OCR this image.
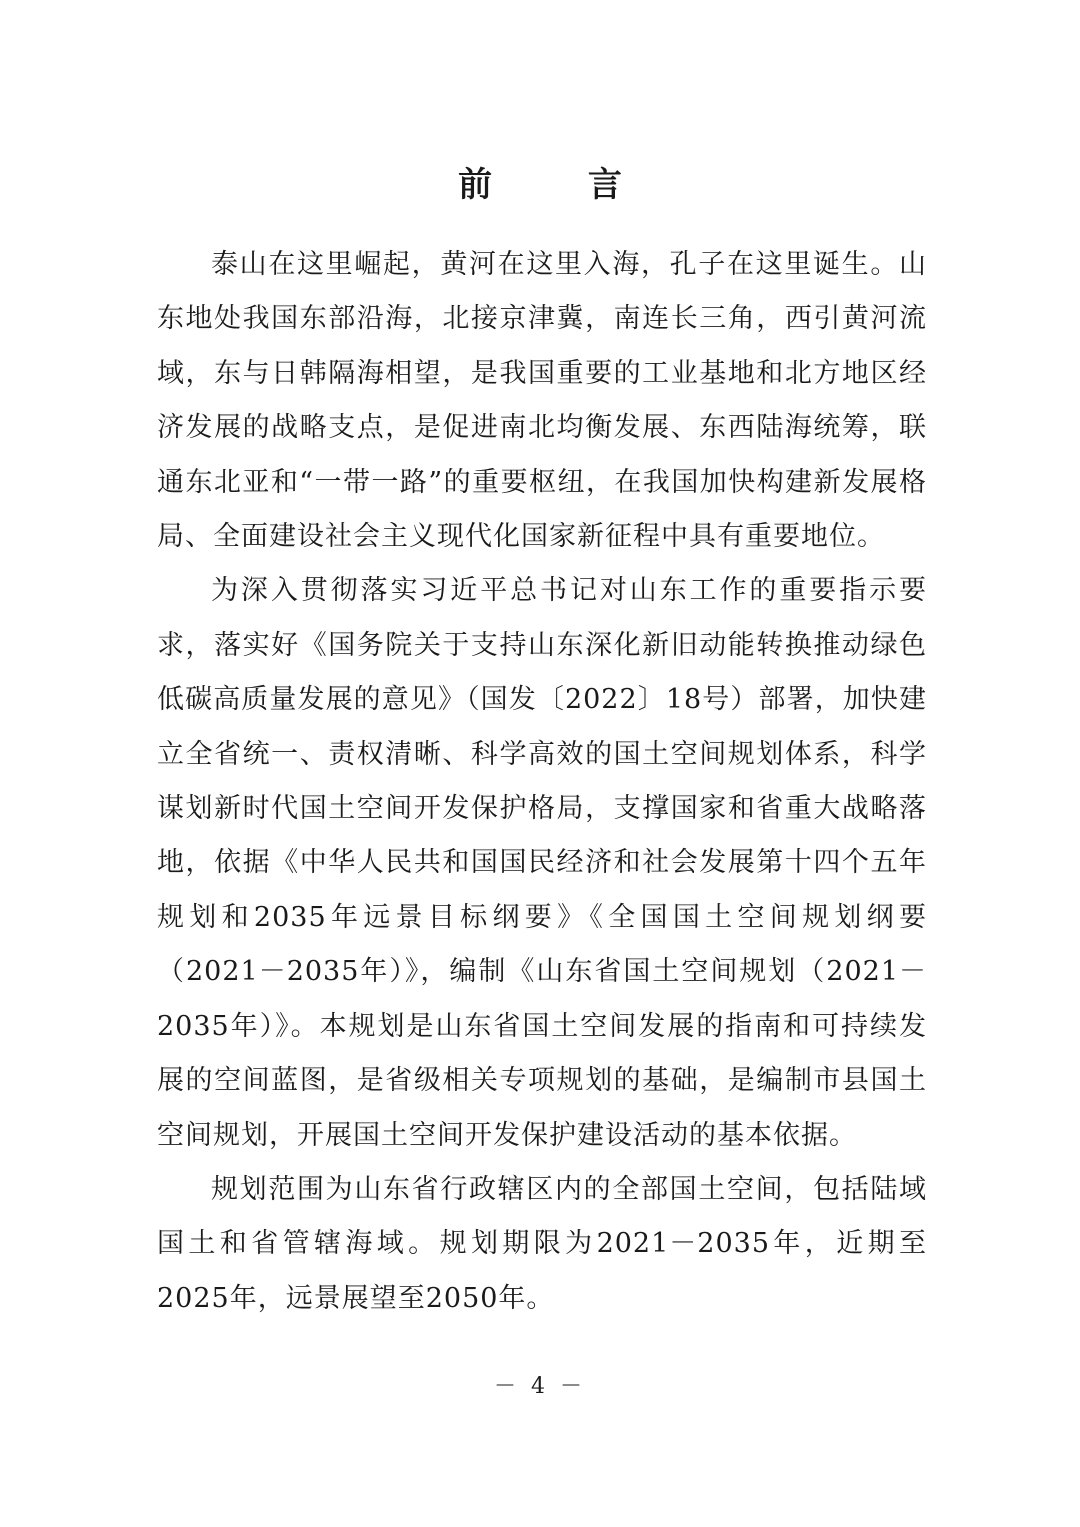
前 言

泰山在这里崛起，黄河在这里入海，孔子在这里诞生。山东地处我国东部沿海，北接京津冀，南连长三角，西引黄河流域，东与日韩隔海相望，是我国重要的工业基地和北方地区经济发展的战略支点，是促进南北均衡发展、东西陆海统筹，联通东北亚和“一带一路”的重要枢纽，在我国加快构建新发展格局、全面建设社会主义现代化国家新征程中具有重要地位。

为深入贯彻落实习近平总书记对山东工作的重要指示要求，落实好《国务院关于支持山东深化新旧动能转换推动绿色低碳高质量发展的意见》（国发〔2022〕18号）部署，加快建立全省统一、责权清晰、科学高效的国土空间规划体系，科学谋划新时代国土空间开发保护格局，支撑国家和省重大战略落地，依据《中华人民共和国国民经济和社会发展第十四个五年规划和2035年远景目标纲要》《全国国土空间规划纲要（2021－2035年）》，编制《山东省国土空间规划（2021－2035年）》。本规划是山东省国土空间发展的指南和可持续发展的空间蓝图，是省级相关专项规划的基础，是编制市县国土空间规划，开展国土空间开发保护建设活动的基本依据。

规划范围为山东省行政辖区内的全部国土空间，包括陆域国土和省管辖海域。规划期限为2021－2035年，近期至2025年，远景展望至2050年。

－ 4 －
